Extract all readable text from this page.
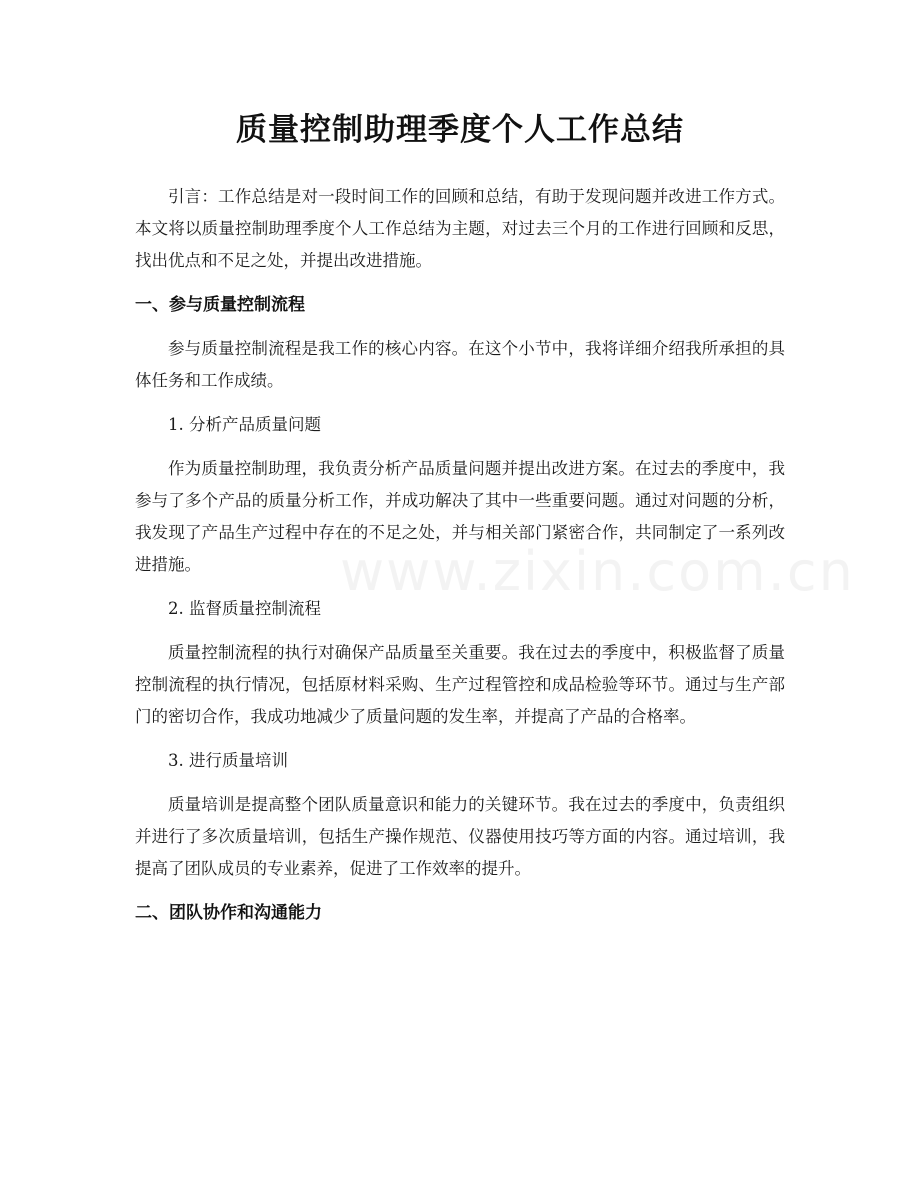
www.zixin.com.cn
质量控制助理季度个人工作总结

引言：工作总结是对一段时间工作的回顾和总结，有助于发现问题并改进工作方式。本文将以质量控制助理季度个人工作总结为主题，对过去三个月的工作进行回顾和反思，找出优点和不足之处，并提出改进措施。

一、参与质量控制流程

参与质量控制流程是我工作的核心内容。在这个小节中，我将详细介绍我所承担的具体任务和工作成绩。

1. 分析产品质量问题

作为质量控制助理，我负责分析产品质量问题并提出改进方案。在过去的季度中，我参与了多个产品的质量分析工作，并成功解决了其中一些重要问题。通过对问题的分析，我发现了产品生产过程中存在的不足之处，并与相关部门紧密合作，共同制定了一系列改进措施。

2. 监督质量控制流程

质量控制流程的执行对确保产品质量至关重要。我在过去的季度中，积极监督了质量控制流程的执行情况，包括原材料采购、生产过程管控和成品检验等环节。通过与生产部门的密切合作，我成功地减少了质量问题的发生率，并提高了产品的合格率。

3. 进行质量培训

质量培训是提高整个团队质量意识和能力的关键环节。我在过去的季度中，负责组织并进行了多次质量培训，包括生产操作规范、仪器使用技巧等方面的内容。通过培训，我提高了团队成员的专业素养，促进了工作效率的提升。

二、团队协作和沟通能力
